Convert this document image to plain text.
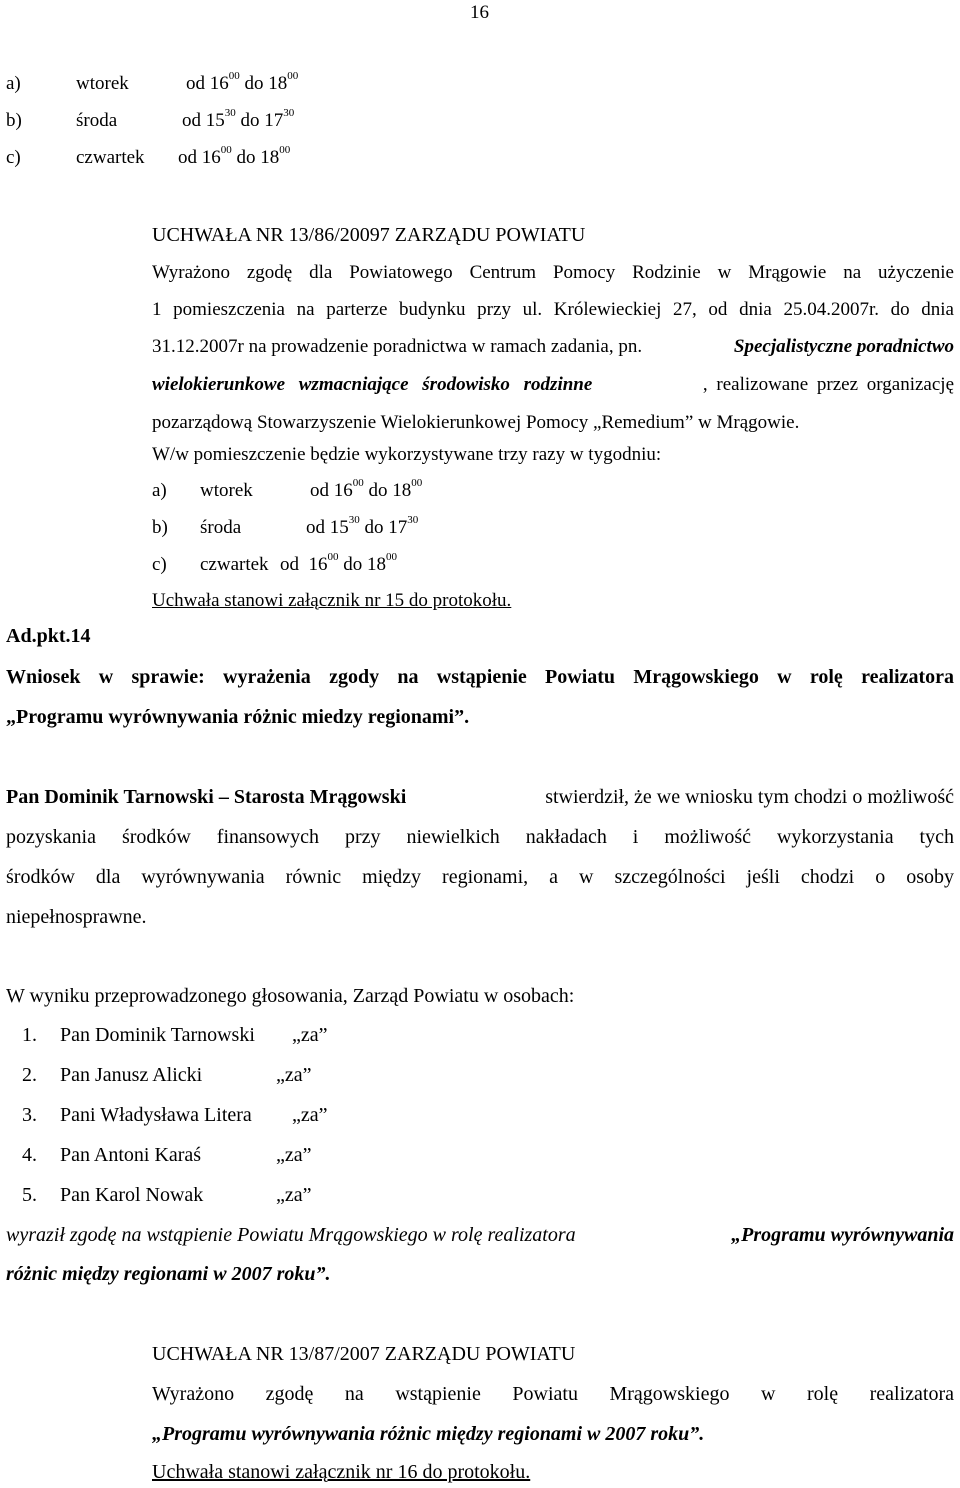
16
a)	wtorek	od $16^{00}$ do $18^{00}$
b)	środa	od $15^{30}$ do $17^{30}$
c)	czwartek od $16^{00}$ do $18^{00}$
UCHWAŁA NR 13/86/20097 ZARZĄDU POWIATU
Wyrażono zgodę dla Powiatowego Centrum Pomocy Rodzinie w Mrągowie na użyczenie
1 pomieszczenia na parterze budynku przy ul. Królewieckiej 27, od dnia 25.04.2007r. do dnia
31.12.2007r na prowadzenie poradnictwa w ramach zadania, pn.	Specjalistyczne poradnictwo
wielokierunkowe wzmacniające środowisko rodzinne	, realizowane przez organizację
pozarządową Stowarzyszenie Wielokierunkowej Pomocy „Remedium” w Mrągowie.
W/w pomieszczenie będzie wykorzystywane trzy razy w tygodniu:
a) wtorek	od $16^{00}$ do $18^{00}$
b) środa	od $15^{30}$ do $17^{30}$
c) czwartek od $16^{00}$ do $18^{00}$
Uchwała stanowi załącznik nr 15 do protokołu.
Ad.pkt.14
Wniosek w sprawie: wyrażenia zgody na wstąpienie Powiatu Mrągowskiego w rolę realizatora
„Programu wyrównywania różnic miedzy regionami”.
Pan Dominik Tarnowski – Starosta Mrągowski	stwierdził, że we wniosku tym chodzi o możliwość
pozyskania środków finansowych przy niewielkich nakładach i możliwość wykorzystania tych
środków dla wyrównywania równic między regionami, a w szczególności jeśli chodzi o osoby
niepełnosprawne.
W wyniku przeprowadzonego głosowania, Zarząd Powiatu w osobach:
1. Pan Dominik Tarnowski „za”
2. Pan Janusz Alicki	„za”
3. Pani Władysława Litera „za”
4. Pan Antoni Karaś	„za”
5. Pan Karol Nowak	„za”
wyraził zgodę na wstąpienie Powiatu Mrągowskiego w rolę realizatora	„Programu wyrównywania
różnic między regionami w 2007 roku”.
UCHWAŁA NR 13/87/2007 ZARZĄDU POWIATU
Wyrażono zgodę na wstąpienie Powiatu Mrągowskiego w rolę realizatora
„Programu wyrównywania różnic między regionami w 2007 roku”.
Uchwała stanowi załącznik nr 16 do protokołu.
